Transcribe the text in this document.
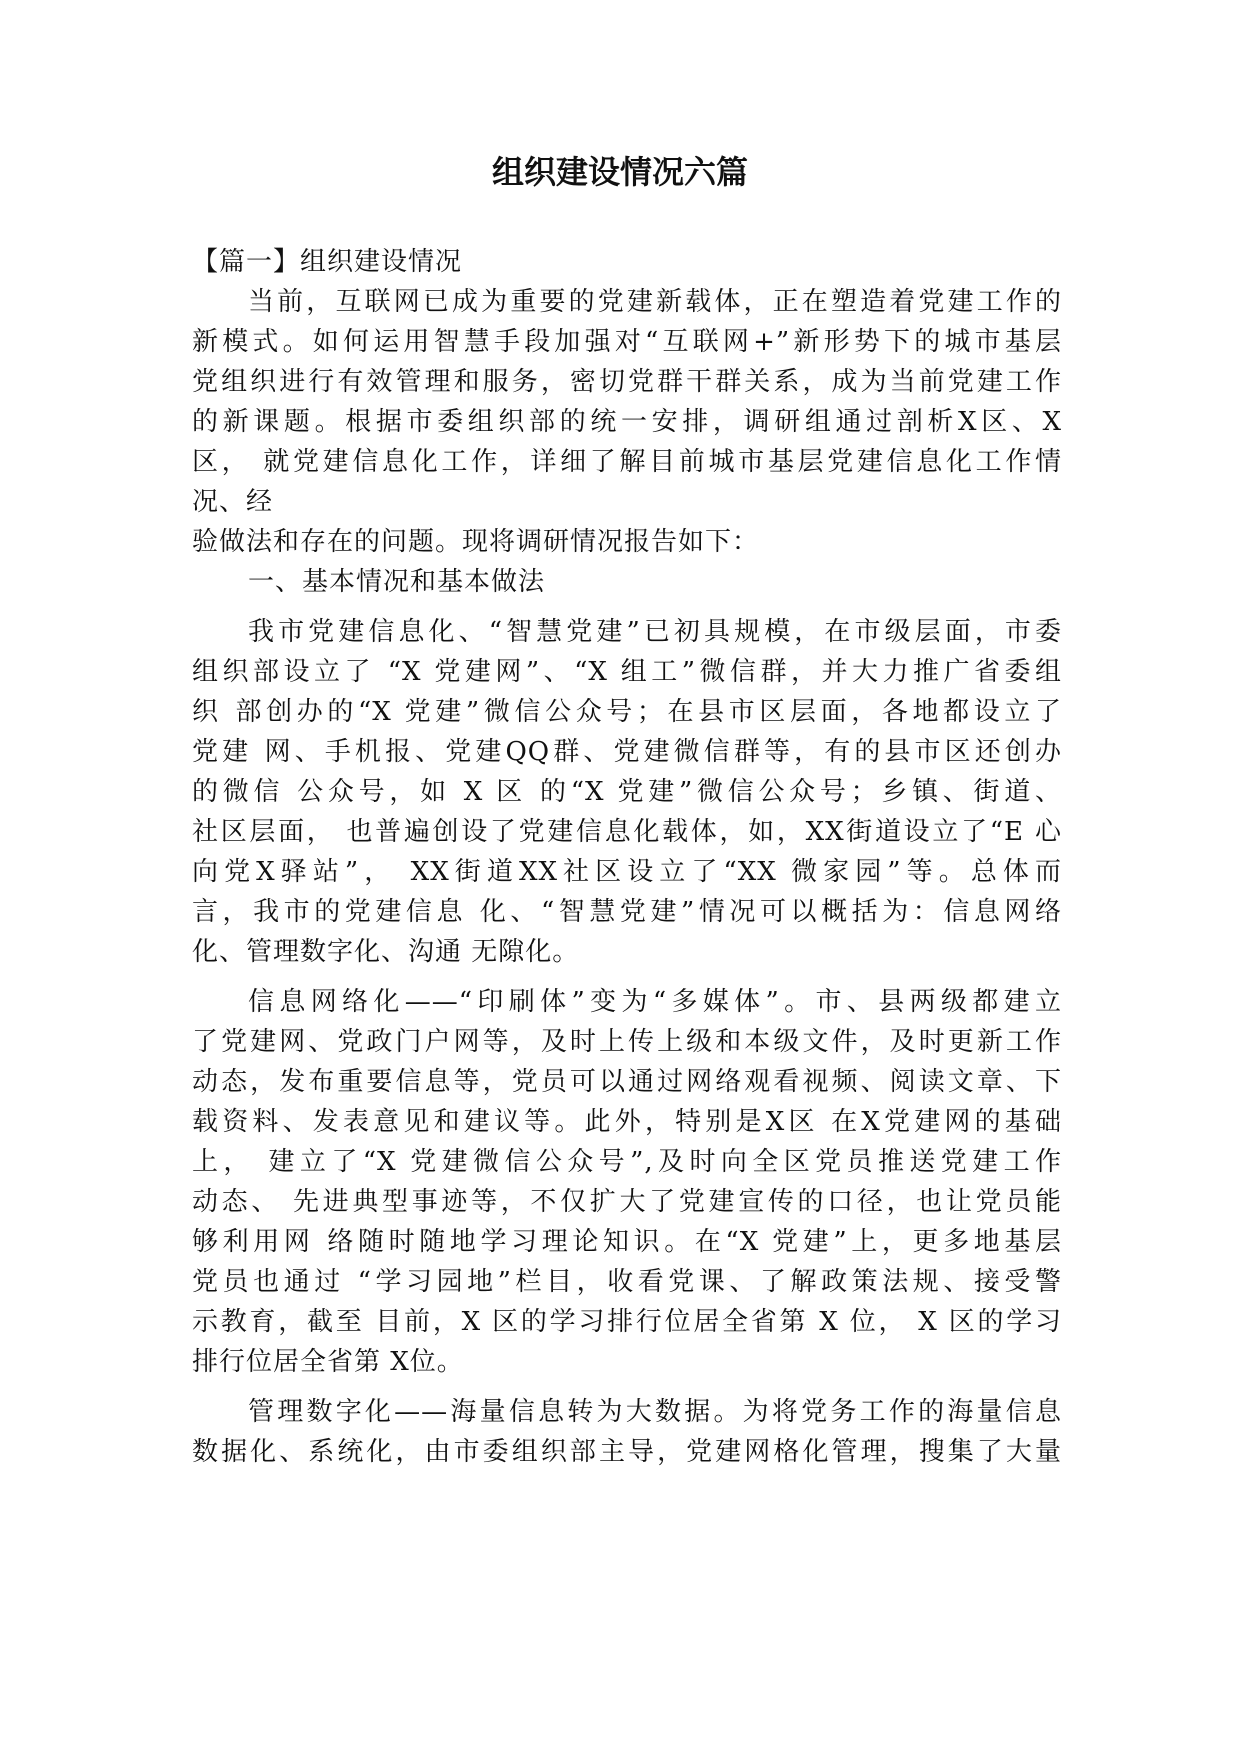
组织建设情况六篇
【篇一】组织建设情况
当前，互联网已成为重要的党建新载体，正在塑造着党建工作的
新模式。如何运用智慧手段加强对“互联网+”新形势下的城市基层
党组织进行有效管理和服务，密切党群干群关系，成为当前党建工作
的新课题。根据市委组织部的统一安排，调研组通过剖析X区、X
区， 就党建信息化工作，详细了解目前城市基层党建信息化工作情
况、经
验做法和存在的问题。现将调研情况报告如下：
一、基本情况和基本做法
我市党建信息化、“智慧党建”已初具规模，在市级层面，市委
组织部设立了 “X 党建网”、“X 组工”微信群，并大力推广省委组
织 部创办的“X 党建”微信公众号；在县市区层面，各地都设立了
党建 网、手机报、党建QQ群、党建微信群等，有的县市区还创办
的微信 公众号，如 X 区 的“X 党建”微信公众号；乡镇、街道、
社区层面， 也普遍创设了党建信息化载体，如，XX街道设立了“E 心
向党X驿站”， XX街道XX社区设立了“XX 微家园”等。总体而
言，我市的党建信息 化、“智慧党建”情况可以概括为：信息网络
化、管理数字化、沟通 无隙化。
信息网络化——“印刷体”变为“多媒体”。市、县两级都建立
了党建网、党政门户网等，及时上传上级和本级文件，及时更新工作
动态，发布重要信息等，党员可以通过网络观看视频、阅读文章、下
载资料、发表意见和建议等。此外，特别是X区 在X党建网的基础
上， 建立了“X 党建微信公众号”,及时向全区党员推送党建工作
动态、 先进典型事迹等，不仅扩大了党建宣传的口径，也让党员能
够利用网 络随时随地学习理论知识。在“X 党建”上，更多地基层
党员也通过 “学习园地”栏目，收看党课、了解政策法规、接受警
示教育，截至 目前，X 区的学习排行位居全省第 X 位， X 区的学习
排行位居全省第 X位。
管理数字化——海量信息转为大数据。为将党务工作的海量信息
数据化、系统化，由市委组织部主导，党建网格化管理，搜集了大量
